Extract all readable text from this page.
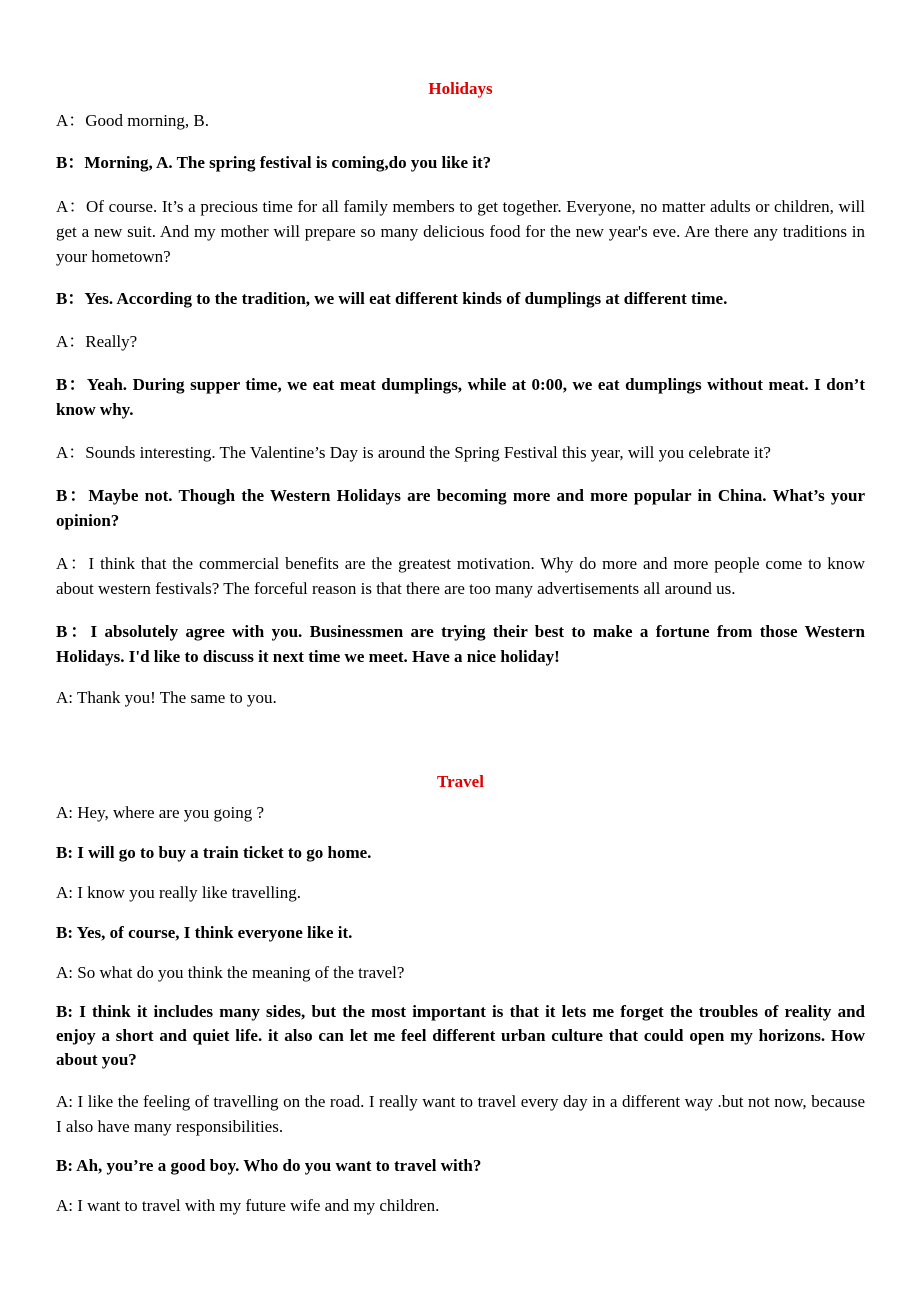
Holidays

A：Good morning, B.

B：Morning, A. The spring festival is coming,do you like it?

A：Of course. It’s a precious time for all family members to get together. Everyone, no matter adults or children, will get a new suit. And my mother will prepare so many delicious food for the new year's eve. Are there any traditions in your hometown?

B：Yes. According to the tradition, we will eat different kinds of dumplings at different time.

A：Really?

B：Yeah. During supper time, we eat meat dumplings, while at 0:00, we eat dumplings without meat. I don’t know why.

A：Sounds interesting. The Valentine’s Day is around the Spring Festival this year, will you celebrate it?

B：Maybe not. Though the Western Holidays are becoming more and more popular in China. What’s your opinion?

A：I think that the commercial benefits are the greatest motivation. Why do more and more people come to know about western festivals? The forceful reason is that there are too many advertisements all around us.

B：I absolutely agree with you. Businessmen are trying their best to make a fortune from those Western Holidays. I'd like to discuss it next time we meet. Have a nice holiday!

A: Thank you! The same to you.

Travel

A: Hey, where are you going ?

B: I will go to buy a train ticket to go home.

A: I know you really like travelling.

B: Yes, of course, I think everyone like it.

A: So what do you think the meaning of the travel?

B: I think it includes many sides, but the most important is that it lets me forget the troubles of reality and enjoy a short and quiet life. it also can let me feel different urban culture that could open my horizons. How about you?

A: I like the feeling of travelling on the road. I really want to travel every day in a different way .but not now, because I also have many responsibilities.

B: Ah, you’re a good boy. Who do you want to travel with?

A: I want to travel with my future wife and my children.
